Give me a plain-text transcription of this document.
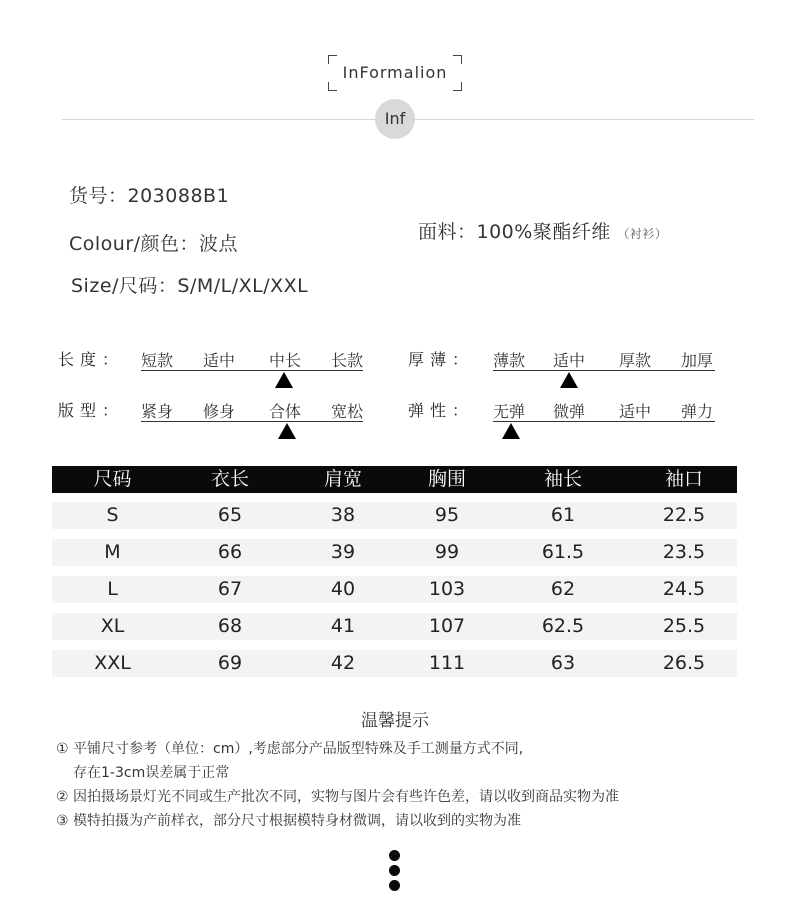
InFormalion
Inf
货号：203088B1
Colour/颜色：波点
Size/尺码：S/M/L/XL/XXL
面料：100%聚酯纤维 （衬衫）
长度： 短款 适中 中长 长款
版型： 紧身 修身 合体 宽松
厚薄： 薄款 适中 厚款 加厚
弹性： 无弹 微弹 适中 弹力
尺码	衣长	肩宽	胸围	袖长	袖口
S	65	38	95	61	22.5
M	66	39	99	61.5	23.5
L	67	40	103	62	24.5
XL	68	41	107	62.5	25.5
XXL	69	42	111	63	26.5
温馨提示
① 平铺尺寸参考（单位：cm）,考虑部分产品版型特殊及手工测量方式不同,
存在1-3cm误差属于正常
② 因拍摄场景灯光不同或生产批次不同，实物与图片会有些许色差，请以收到商品实物为准
③ 模特拍摄为产前样衣，部分尺寸根据模特身材微调，请以收到的实物为准
